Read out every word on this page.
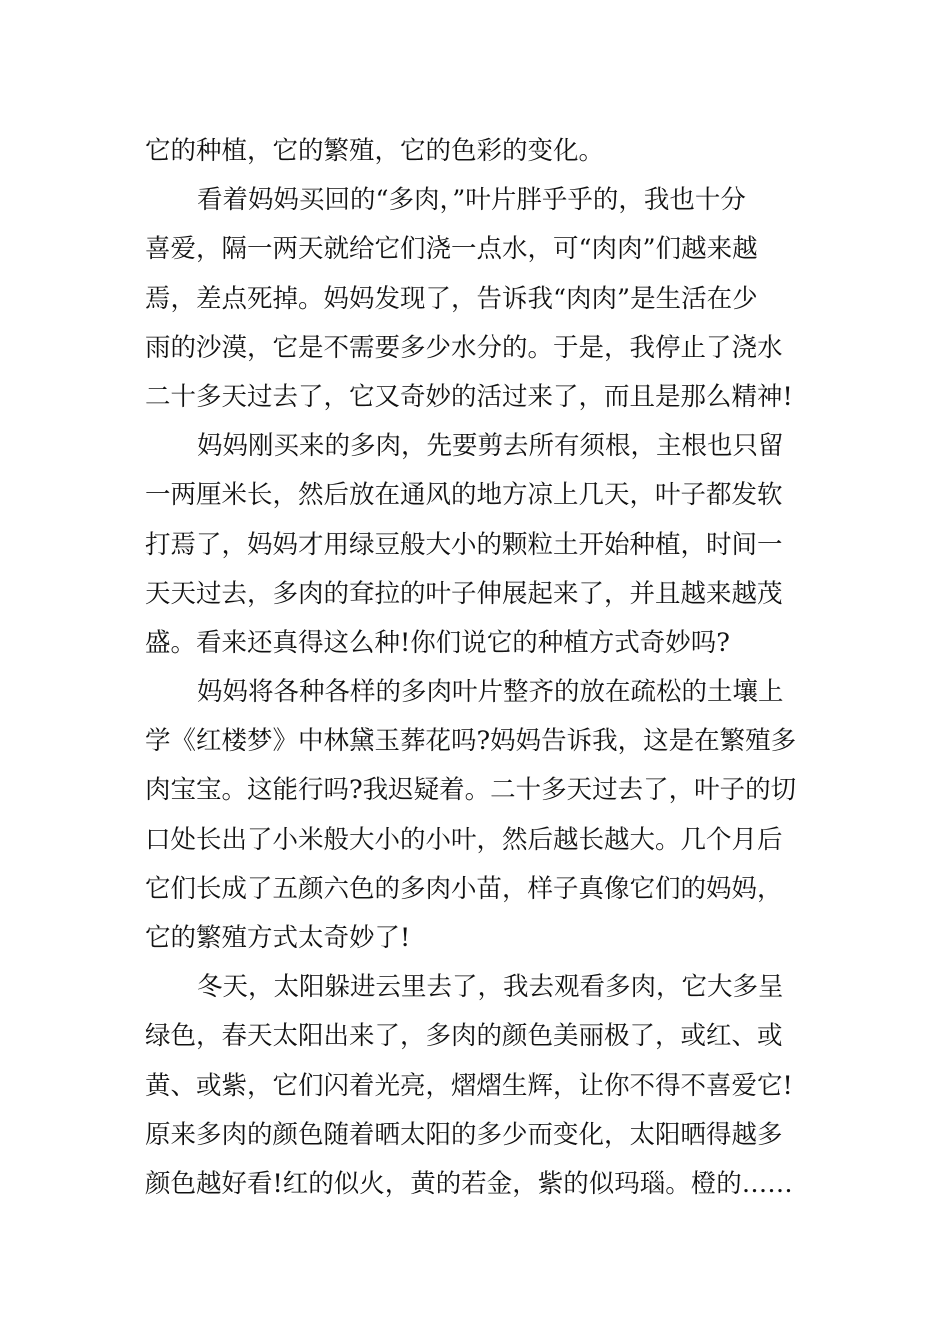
它的种植，它的繁殖，它的色彩的变化。
看着妈妈买回的“多肉，”叶片胖乎乎的，我也十分
喜爱，隔一两天就给它们浇一点水，可“肉肉”们越来越
焉，差点死掉。妈妈发现了，告诉我“肉肉”是生活在少
雨的沙漠，它是不需要多少水分的。于是，我停止了浇水
二十多天过去了，它又奇妙的活过来了，而且是那么精神!
妈妈刚买来的多肉，先要剪去所有须根，主根也只留
一两厘米长，然后放在通风的地方凉上几天，叶子都发软
打焉了，妈妈才用绿豆般大小的颗粒土开始种植，时间一
天天过去，多肉的耷拉的叶子伸展起来了，并且越来越茂
盛。看来还真得这么种!你们说它的种植方式奇妙吗?
妈妈将各种各样的多肉叶片整齐的放在疏松的土壤上
学《红楼梦》中林黛玉葬花吗?妈妈告诉我，这是在繁殖多
肉宝宝。这能行吗?我迟疑着。二十多天过去了，叶子的切
口处长出了小米般大小的小叶，然后越长越大。几个月后
它们长成了五颜六色的多肉小苗，样子真像它们的妈妈，
它的繁殖方式太奇妙了!
冬天，太阳躲进云里去了，我去观看多肉，它大多呈
绿色，春天太阳出来了，多肉的颜色美丽极了，或红、或
黄、或紫，它们闪着光亮，熠熠生辉，让你不得不喜爱它!
原来多肉的颜色随着晒太阳的多少而变化，太阳晒得越多
颜色越好看!红的似火，黄的若金，紫的似玛瑙。橙的……
